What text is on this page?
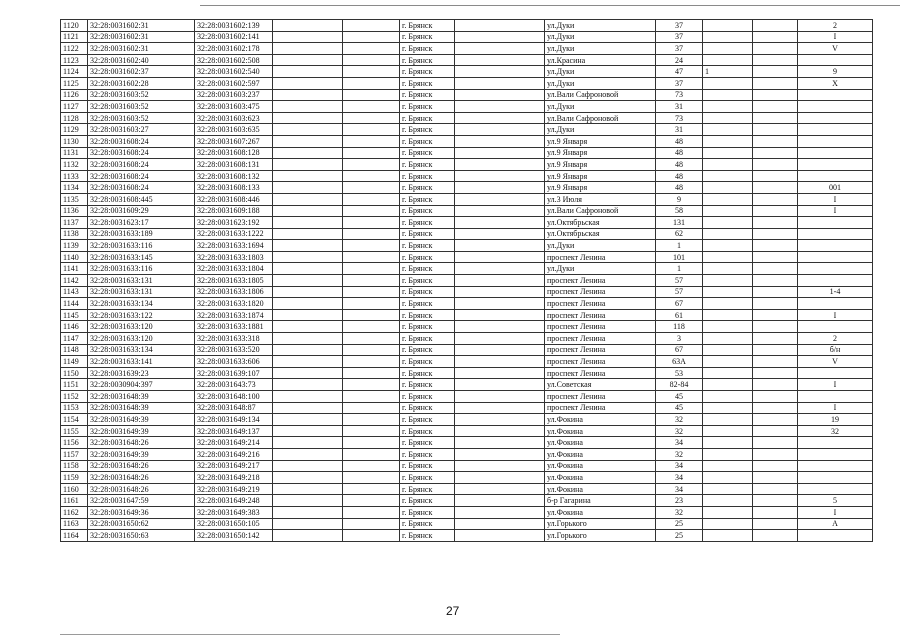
1120	32:28:0031602:31	32:28:0031602:139			г. Брянск		ул.Дуки	37			2
1121	32:28:0031602:31	32:28:0031602:141			г. Брянск		ул.Дуки	37			I
1122	32:28:0031602:31	32:28:0031602:178			г. Брянск		ул.Дуки	37			V
1123	32:28:0031602:40	32:28:0031602:508			г. Брянск		ул.Красина	24			
1124	32:28:0031602:37	32:28:0031602:540			г. Брянск		ул.Дуки	47	1		9
1125	32:28:0031602:28	32:28:0031602:597			г. Брянск		ул.Дуки	37			X
1126	32:28:0031603:52	32:28:0031603:237			г. Брянск		ул.Вали Сафроновой	73			
1127	32:28:0031603:52	32:28:0031603:475			г. Брянск		ул.Дуки	31			
1128	32:28:0031603:52	32:28:0031603:623			г. Брянск		ул.Вали Сафроновой	73			
1129	32:28:0031603:27	32:28:0031603:635			г. Брянск		ул.Дуки	31			
1130	32:28:0031608:24	32:28:0031607:267			г. Брянск		ул.9 Января	48			
1131	32:28:0031608:24	32:28:0031608:128			г. Брянск		ул.9 Января	48			
1132	32:28:0031608:24	32:28:0031608:131			г. Брянск		ул.9 Января	48			
1133	32:28:0031608:24	32:28:0031608:132			г. Брянск		ул.9 Января	48			
1134	32:28:0031608:24	32:28:0031608:133			г. Брянск		ул.9 Января	48			001
1135	32:28:0031608:445	32:28:0031608:446			г. Брянск		ул.3 Июля	9			I
1136	32:28:0031609:29	32:28:0031609:188			г. Брянск		ул.Вали Сафроновой	58			I
1137	32:28:0031623:17	32:28:0031623:192			г. Брянск		ул.Октябрьская	131			
1138	32:28:0031633:189	32:28:0031633:1222			г. Брянск		ул.Октябрьская	62			
1139	32:28:0031633:116	32:28:0031633:1694			г. Брянск		ул.Дуки	1			
1140	32:28:0031633:145	32:28:0031633:1803			г. Брянск		проспект Ленина	101			
1141	32:28:0031633:116	32:28:0031633:1804			г. Брянск		ул.Дуки	1			
1142	32:28:0031633:131	32:28:0031633:1805			г. Брянск		проспект Ленина	57			
1143	32:28:0031633:131	32:28:0031633:1806			г. Брянск		проспект Ленина	57			1-4
1144	32:28:0031633:134	32:28:0031633:1820			г. Брянск		проспект Ленина	67			
1145	32:28:0031633:122	32:28:0031633:1874			г. Брянск		проспект Ленина	61			I
1146	32:28:0031633:120	32:28:0031633:1881			г. Брянск		проспект Ленина	118			
1147	32:28:0031633:120	32:28:0031633:318			г. Брянск		проспект Ленина	3			2
1148	32:28:0031633:134	32:28:0031633:520			г. Брянск		проспект Ленина	67			б/н
1149	32:28:0031633:141	32:28:0031633:606			г. Брянск		проспект Ленина	63А			V
1150	32:28:0031639:23	32:28:0031639:107			г. Брянск		проспект Ленина	53			
1151	32:28:0030904:397	32:28:0031643:73			г. Брянск		ул.Советская	82-84			I
1152	32:28:0031648:39	32:28:0031648:100			г. Брянск		проспект Ленина	45			
1153	32:28:0031648:39	32:28:0031648:87			г. Брянск		проспект Ленина	45			I
1154	32:28:0031649:39	32:28:0031649:134			г. Брянск		ул.Фокина	32			19
1155	32:28:0031649:39	32:28:0031649:137			г. Брянск		ул.Фокина	32			32
1156	32:28:0031648:26	32:28:0031649:214			г. Брянск		ул.Фокина	34			
1157	32:28:0031649:39	32:28:0031649:216			г. Брянск		ул.Фокина	32			
1158	32:28:0031648:26	32:28:0031649:217			г. Брянск		ул.Фокина	34			
1159	32:28:0031648:26	32:28:0031649:218			г. Брянск		ул.Фокина	34			
1160	32:28:0031648:26	32:28:0031649:219			г. Брянск		ул.Фокина	34			
1161	32:28:0031647:59	32:28:0031649:248			г. Брянск		б-р Гагарина	23			5
1162	32:28:0031649:36	32:28:0031649:383			г. Брянск		ул.Фокина	32			I
1163	32:28:0031650:62	32:28:0031650:105			г. Брянск		ул.Горького	25			А
1164	32:28:0031650:63	32:28:0031650:142			г. Брянск		ул.Горького	25			
27
